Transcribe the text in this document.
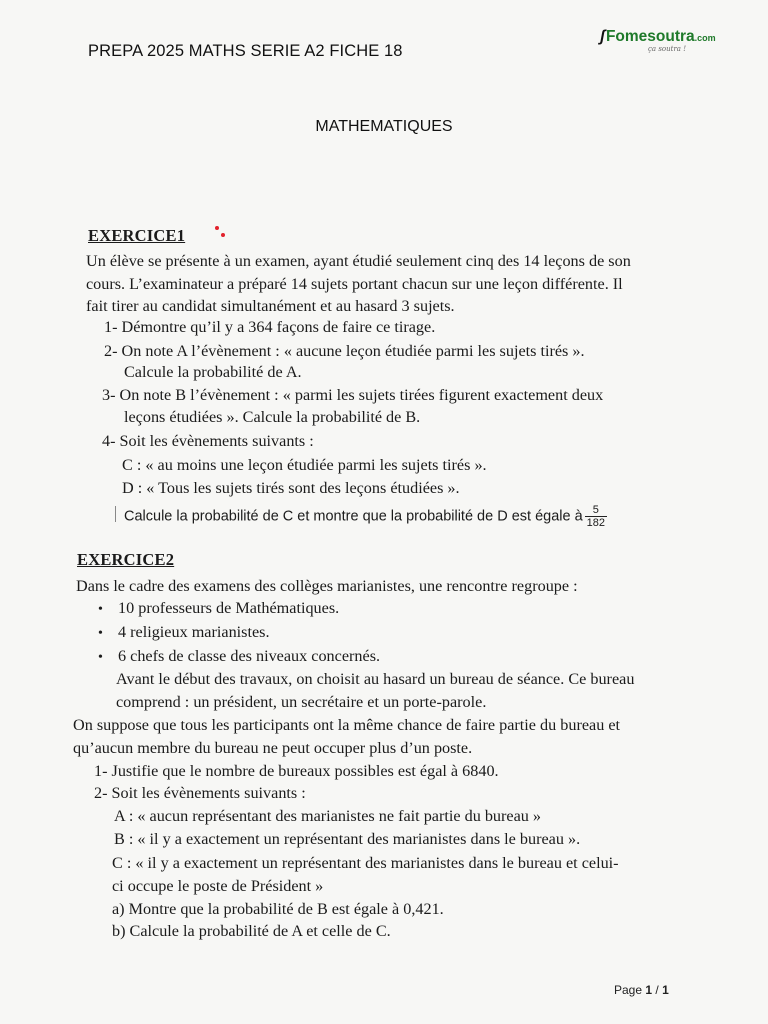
PREPA 2025 MATHS SERIE A2 FICHE 18
ʃFomesoutra.com
ça soutra !
MATHEMATIQUES
EXERCICE1
Un élève se présente à un examen, ayant étudié seulement cinq des 14 leçons de son
cours. L’examinateur a préparé 14 sujets portant chacun sur une leçon différente. Il
fait tirer au candidat simultanément et au hasard 3 sujets.
1- Démontre qu’il y a 364 façons de faire ce tirage.
2- On note A l’évènement : « aucune leçon étudiée parmi les sujets tirés ».
Calcule la probabilité de A.
3- On note B l’évènement : « parmi les sujets tirées figurent exactement deux
leçons étudiées ». Calcule la probabilité de B.
4- Soit les évènements suivants :
C : « au moins une leçon étudiée parmi les sujets tirés ».
D : « Tous les sujets tirés sont des leçons étudiées ».
Calcule la probabilité de C et montre que la probabilité de D est égale à $\frac{5}{182}$
EXERCICE2
Dans le cadre des examens des collèges marianistes, une rencontre regroupe :
• 10 professeurs de Mathématiques.
• 4 religieux marianistes.
• 6 chefs de classe des niveaux concernés.
Avant le début des travaux, on choisit au hasard un bureau de séance. Ce bureau
comprend : un président, un secrétaire et un porte-parole.
On suppose que tous les participants ont la même chance de faire partie du bureau et
qu’aucun membre du bureau ne peut occuper plus d’un poste.
1- Justifie que le nombre de bureaux possibles est égal à 6840.
2- Soit les évènements suivants :
A : « aucun représentant des marianistes ne fait partie du bureau »
B : « il y a exactement un représentant des marianistes dans le bureau ».
C : « il y a exactement un représentant des marianistes dans le bureau et celui-
ci occupe le poste de Président »
a) Montre que la probabilité de B est égale à 0,421.
b) Calcule la probabilité de A et celle de C.
Page 1 / 1
